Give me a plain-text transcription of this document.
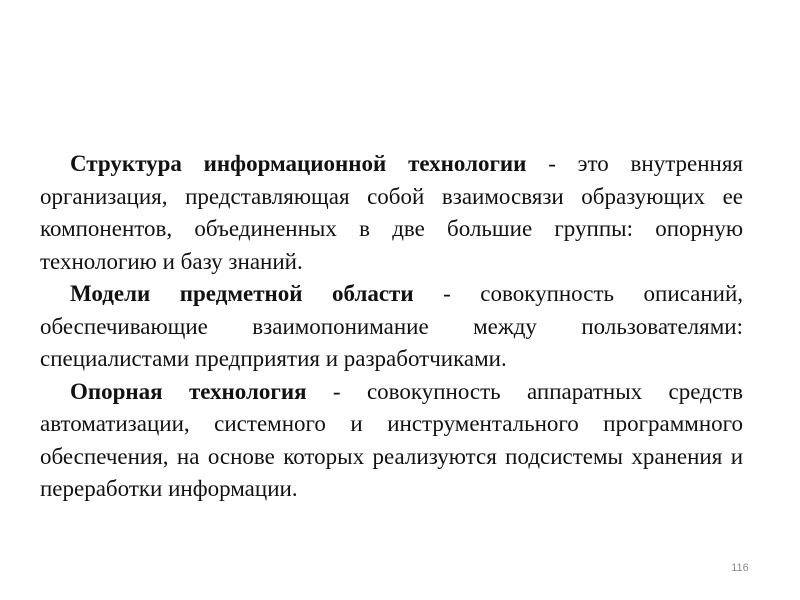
Структура информационной технологии - это внутренняя организация, представляющая собой взаимосвязи образующих ее компонентов, объединенных в две большие группы: опорную технологию и базу знаний.

Модели предметной области - совокупность описаний, обеспечивающие взаимопонимание между пользователями: специалистами предприятия и разработчиками.

Опорная технология - совокупность аппаратных средств автоматизации, системного и инструментального программного обеспечения, на основе которых реализуются подсистемы хранения и переработки информации.

116
